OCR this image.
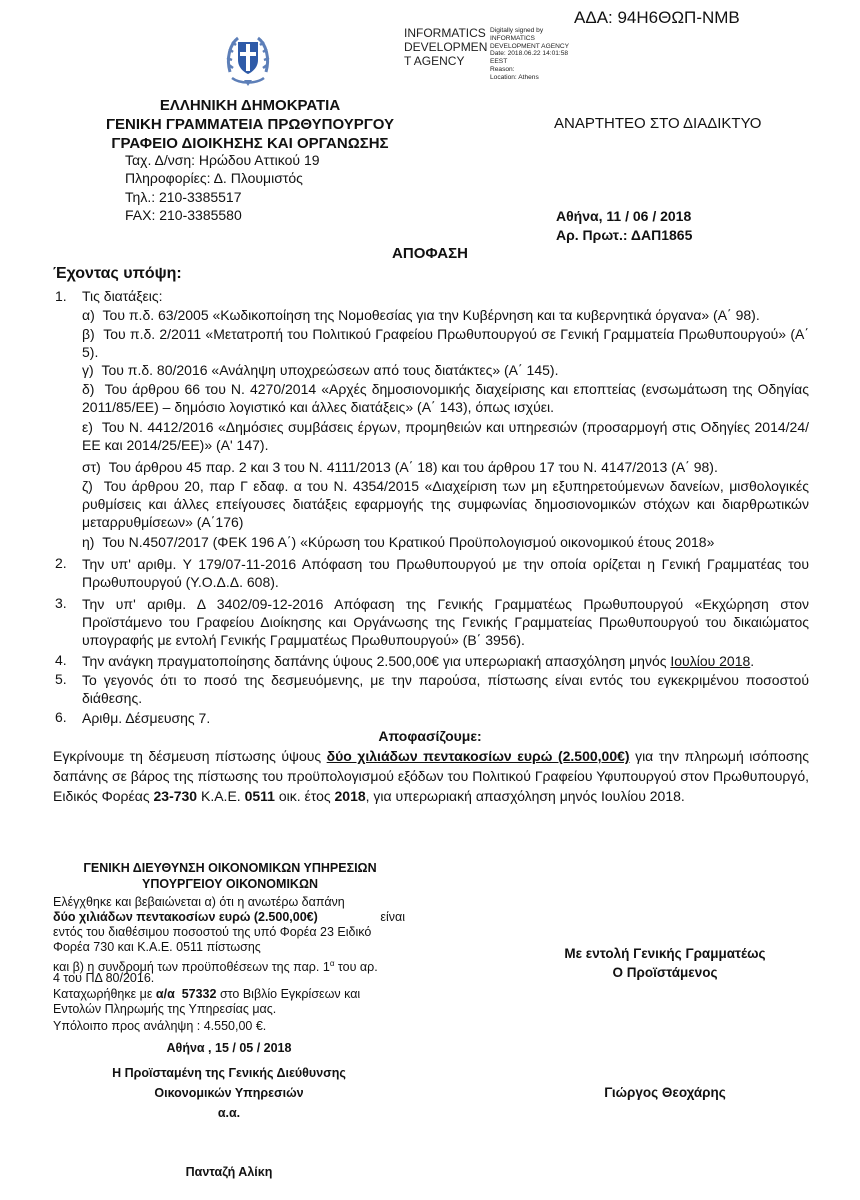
ΑΔΑ: 94Η6ΘΩΠ-ΝΜΒ
INFORMATICS
DEVELOPMEN
T AGENCY
Digitally signed by
INFORMATICS
DEVELOPMENT AGENCY
Date: 2018.06.22 14:01:58
EEST
Reason:
Location: Athens
ΕΛΛΗΝΙΚΗ ΔΗΜΟΚΡΑΤΙΑ
ΓΕΝΙΚΗ ΓΡΑΜΜΑΤΕΙΑ ΠΡΩΘΥΠΟΥΡΓΟΥ
ΓΡΑΦΕΙΟ ΔΙΟΙΚΗΣΗΣ ΚΑΙ ΟΡΓΑΝΩΣΗΣ
ΑΝΑΡΤΗΤΕΟ ΣΤΟ ΔΙΑΔΙΚΤΥΟ
Ταχ. Δ/νση: Ηρώδου Αττικού 19
Πληροφορίες: Δ. Πλουμιστός
Τηλ.: 210-3385517
FAX: 210-3385580	Αθήνα, 11 / 06 / 2018
Αρ. Πρωτ.: ΔΑΠ1865
ΑΠΟΦΑΣΗ
Έχοντας υπόψη:
1.	Τις διατάξεις:
α) Του π.δ. 63/2005 «Κωδικοποίηση της Νομοθεσίας για την Κυβέρνηση και τα κυβερνητικά όργανα» (Α΄ 98).
β) Του π.δ. 2/2011 «Μετατροπή του Πολιτικού Γραφείου Πρωθυπουργού σε Γενική Γραμματεία Πρωθυπουργού» (Α΄ 5).
γ) Του π.δ. 80/2016 «Ανάληψη υποχρεώσεων από τους διατάκτες» (Α΄ 145).
δ) Του άρθρου 66 του Ν. 4270/2014 «Αρχές δημοσιονομικής διαχείρισης και εποπτείας (ενσωμάτωση της Οδηγίας 2011/85/ΕΕ) – δημόσιο λογιστικό και άλλες διατάξεις» (Α΄ 143), όπως ισχύει.
ε) Του Ν. 4412/2016 «Δημόσιες συμβάσεις έργων, προμηθειών και υπηρεσιών (προσαρμογή στις Οδηγίες 2014/24/ΕΕ και 2014/25/ΕΕ)» (Α' 147).
στ) Του άρθρου 45 παρ. 2 και 3 του Ν. 4111/2013 (Α΄ 18) και του άρθρου 17 του Ν. 4147/2013 (Α΄ 98).
ζ) Του άρθρου 20, παρ Γ εδαφ. α του Ν. 4354/2015 «Διαχείριση των μη εξυπηρετούμενων δανείων, μισθολογικές ρυθμίσεις και άλλες επείγουσες διατάξεις εφαρμογής της συμφωνίας δημοσιονομικών στόχων και διαρθρωτικών μεταρρυθμίσεων» (Α΄176)
η) Του Ν.4507/2017 (ΦΕΚ 196 Α΄) «Κύρωση του Κρατικού Προϋπολογισμού οικονομικού έτους 2018»
2.	Την υπ' αριθμ. Υ 179/07-11-2016 Απόφαση του Πρωθυπουργού με την οποία ορίζεται η Γενική Γραμματέας του Πρωθυπουργού (Υ.Ο.Δ.Δ. 608).
3.	Την υπ' αριθμ. Δ 3402/09-12-2016 Απόφαση της Γενικής Γραμματέως Πρωθυπουργού «Εκχώρηση στον Προϊστάμενο του Γραφείου Διοίκησης και Οργάνωσης της Γενικής Γραμματείας Πρωθυπουργού του δικαιώματος υπογραφής με εντολή Γενικής Γραμματέως Πρωθυπουργού» (Β΄ 3956).
4.	Την ανάγκη πραγματοποίησης δαπάνης ύψους 2.500,00€ για υπερωριακή απασχόληση μηνός Ιουλίου 2018.
5.	Το γεγονός ότι το ποσό της δεσμευόμενης, με την παρούσα, πίστωσης είναι εντός του εγκεκριμένου ποσοστού διάθεσης.
6.	Αριθμ. Δέσμευσης 7.
Αποφασίζουμε:
Εγκρίνουμε τη δέσμευση πίστωσης ύψους δύο χιλιάδων πεντακοσίων ευρώ (2.500,00€) για την πληρωμή ισόποσης δαπάνης σε βάρος της πίστωσης του προϋπολογισμού εξόδων του Πολιτικού Γραφείου Υφυπουργού στον Πρωθυπουργό, Ειδικός Φορέας 23-730 Κ.Α.Ε. 0511 οικ. έτος 2018, για υπερωριακή απασχόληση μηνός Ιουλίου 2018.
ΓΕΝΙΚΗ ΔΙΕΥΘΥΝΣΗ ΟΙΚΟΝΟΜΙΚΩΝ ΥΠΗΡΕΣΙΩΝ
ΥΠΟΥΡΓΕΙΟΥ ΟΙΚΟΝΟΜΙΚΩΝ
Ελέγχθηκε και βεβαιώνεται α) ότι η ανωτέρω δαπάνη
δύο χιλιάδων πεντακοσίων ευρώ (2.500,00€)	είναι
εντός του διαθέσιμου ποσοστού της υπό Φορέα 23 Ειδικό
Φορέα 730 και Κ.Α.Ε. 0511 πίστωσης
και β) η συνδρομή των προϋποθέσεων της παρ. $1^\alpha$ του αρ.
4 του ΠΔ 80/2016.
Καταχωρήθηκε με α/α 57332 στο Βιβλίο Εγκρίσεων και
Εντολών Πληρωμής της Υπηρεσίας μας.
Υπόλοιπο προς ανάληψη : 4.550,00 €.
Αθήνα , 15 / 05 / 2018
Η Προϊσταμένη της Γενικής Διεύθυνσης
Οικονομικών Υπηρεσιών
α.α.
Πανταζή Αλίκη
Με εντολή Γενικής Γραμματέως
Ο Προϊστάμενος
Γιώργος Θεοχάρης
